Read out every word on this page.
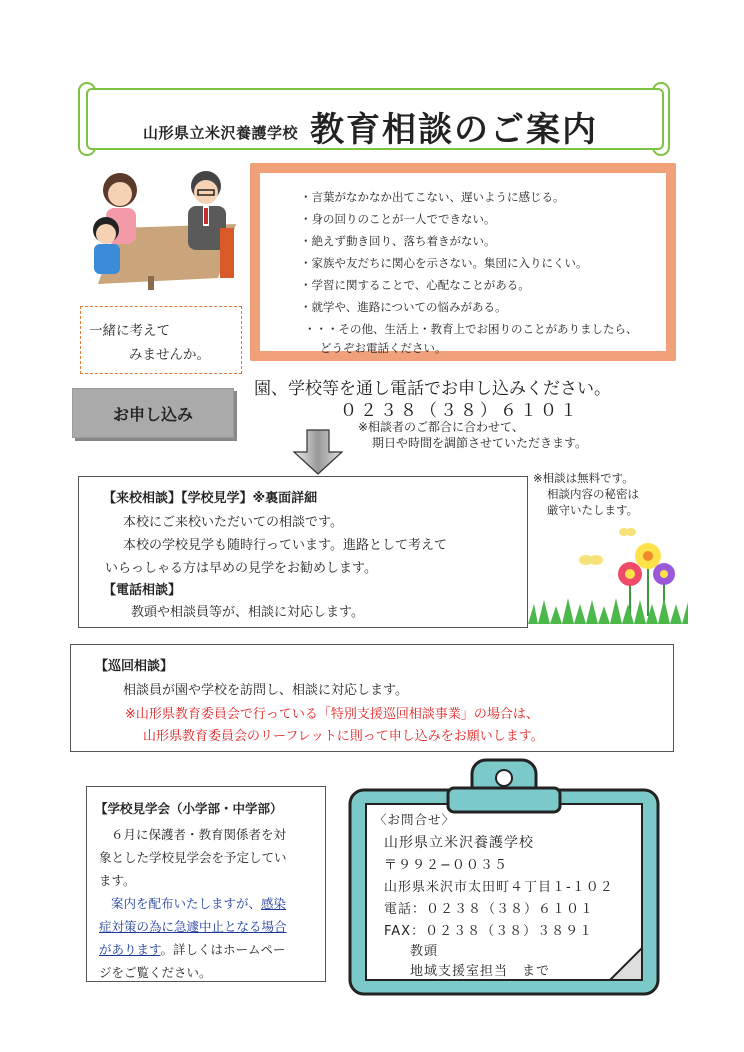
山形県立米沢養護学校 教育相談のご案内
・言葉がなかなか出てこない、遅いように感じる。
・身の回りのことが一人でできない。
・絶えず動き回り、落ち着きがない。
・家族や友だちに関心を示さない。集団に入りにくい。
・学習に関することで、心配なことがある。
・就学や、進路についての悩みがある。
・・・その他、生活上・教育上でお困りのことがありましたら、
どうぞお電話ください。
一緒に考えて
みませんか。
お申し込み
園、学校等を通し電話でお申し込みください。
０２３８（３８）６１０１
※相談者のご都合に合わせて、
期日や時間を調節させていただきます。
【来校相談】【学校見学】※裏面詳細
本校にご来校いただいての相談です。
本校の学校見学も随時行っています。進路として考えて
いらっしゃる方は早めの見学をお勧めします。
【電話相談】
教頭や相談員等が、相談に対応します。
※相談は無料です。
相談内容の秘密は
厳守いたします。
【巡回相談】
相談員が園や学校を訪問し、相談に対応します。
※山形県教育委員会で行っている「特別支援巡回相談事業」の場合は、
山形県教育委員会のリーフレットに則って申し込みをお願いします。
【学校見学会（小学部・中学部）
６月に保護者・教育関係者を対
象とした学校見学会を予定してい
ます。
案内を配布いたしますが、感染
症対策の為に急遽中止となる場合
があります。詳しくはホームペー
ジをご覧ください。
〈お問合せ〉
山形県立米沢養護学校
〒９９２−００３５
山形県米沢市太田町４丁目１-１０２
電話：０２３８（３８）６１０１
FAX：０２３８（３８）３８９１
教頭
地域支援室担当　まで
